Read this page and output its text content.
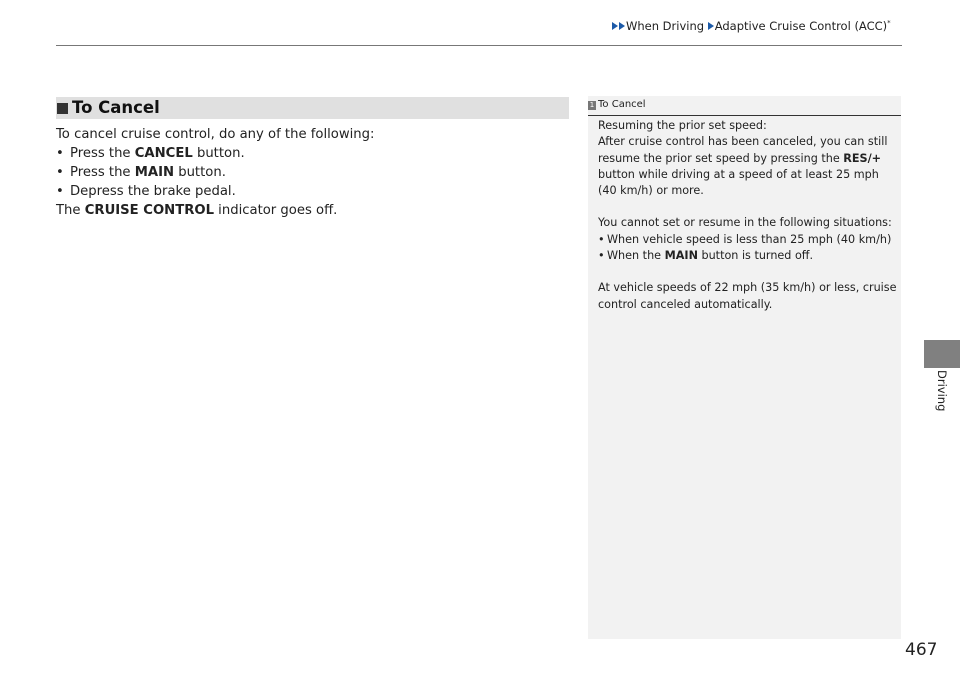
When Driving Adaptive Cruise Control (ACC)*
To Cancel

To cancel cruise control, do any of the following:

• Press the CANCEL button.

• Press the MAIN button.

• Depress the brake pedal.

The CRUISE CONTROL indicator goes off.

1 To Cancel

Resuming the prior set speed:

After cruise control has been canceled, you can still resume the prior set speed by pressing the RES/+ button while driving at a speed of at least 25 mph (40 km/h) or more.

You cannot set or resume in the following situations:

• When vehicle speed is less than 25 mph (40 km/h)

• When the MAIN button is turned off.

At vehicle speeds of 22 mph (35 km/h) or less, cruise control canceled automatically.

Driving
467
